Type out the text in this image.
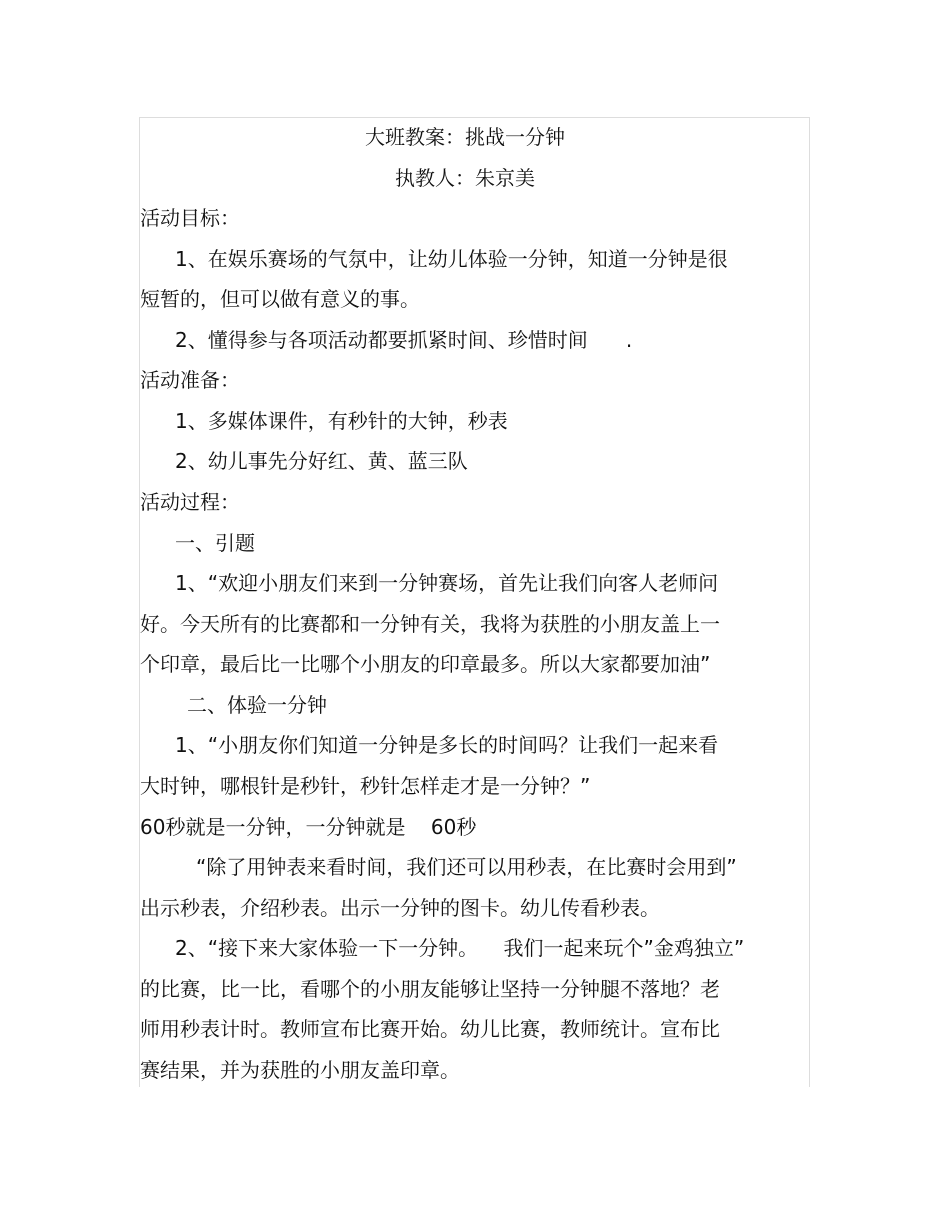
大班教案：挑战一分钟
执教人：朱京美
活动目标：
1、在娱乐赛场的气氛中，让幼儿体验一分钟，知道一分钟是很
短暂的，但可以做有意义的事。
2、懂得参与各项活动都要抓紧时间、珍惜时间      .
活动准备：
1、多媒体课件，有秒针的大钟，秒表
2、幼儿事先分好红、黄、蓝三队
活动过程：
一、引题
1、“欢迎小朋友们来到一分钟赛场，首先让我们向客人老师问
好。今天所有的比赛都和一分钟有关，我将为获胜的小朋友盖上一
个印章，最后比一比哪个小朋友的印章最多。所以大家都要加油”
二、体验一分钟
1、“小朋友你们知道一分钟是多长的时间吗？让我们一起来看
大时钟，哪根针是秒针，秒针怎样走才是一分钟？”
60秒就是一分钟，一分钟就是    60秒
“除了用钟表来看时间，我们还可以用秒表，在比赛时会用到”
出示秒表，介绍秒表。出示一分钟的图卡。幼儿传看秒表。
2、“接下来大家体验一下一分钟。    我们一起来玩个”金鸡独立”
的比赛，比一比，看哪个的小朋友能够让坚持一分钟腿不落地？老
师用秒表计时。教师宣布比赛开始。幼儿比赛，教师统计。宣布比
赛结果，并为获胜的小朋友盖印章。
